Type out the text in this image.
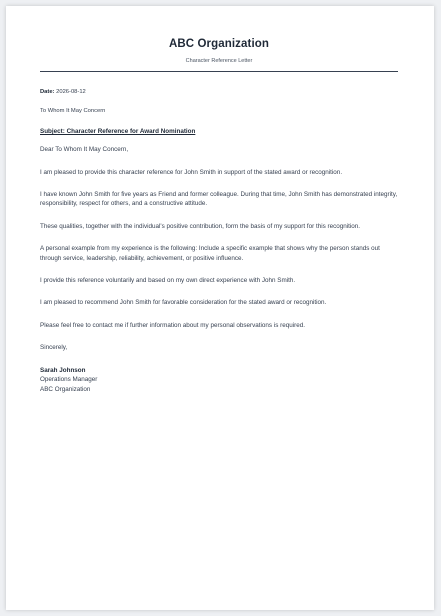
ABC Organization
Character Reference Letter
Date: 2026-08-12
To Whom It May Concern
Subject: Character Reference for Award Nomination

Dear To Whom It May Concern,

I am pleased to provide this character reference for John Smith in support of the stated award or recognition.

I have known John Smith for five years as Friend and former colleague. During that time, John Smith has demonstrated integrity, responsibility, respect for others, and a constructive attitude.

These qualities, together with the individual's positive contribution, form the basis of my support for this recognition.

A personal example from my experience is the following: Include a specific example that shows why the person stands out through service, leadership, reliability, achievement, or positive influence.

I provide this reference voluntarily and based on my own direct experience with John Smith.

I am pleased to recommend John Smith for favorable consideration for the stated award or recognition.

Please feel free to contact me if further information about my personal observations is required.

Sincerely,
Sarah Johnson
Operations Manager
ABC Organization
